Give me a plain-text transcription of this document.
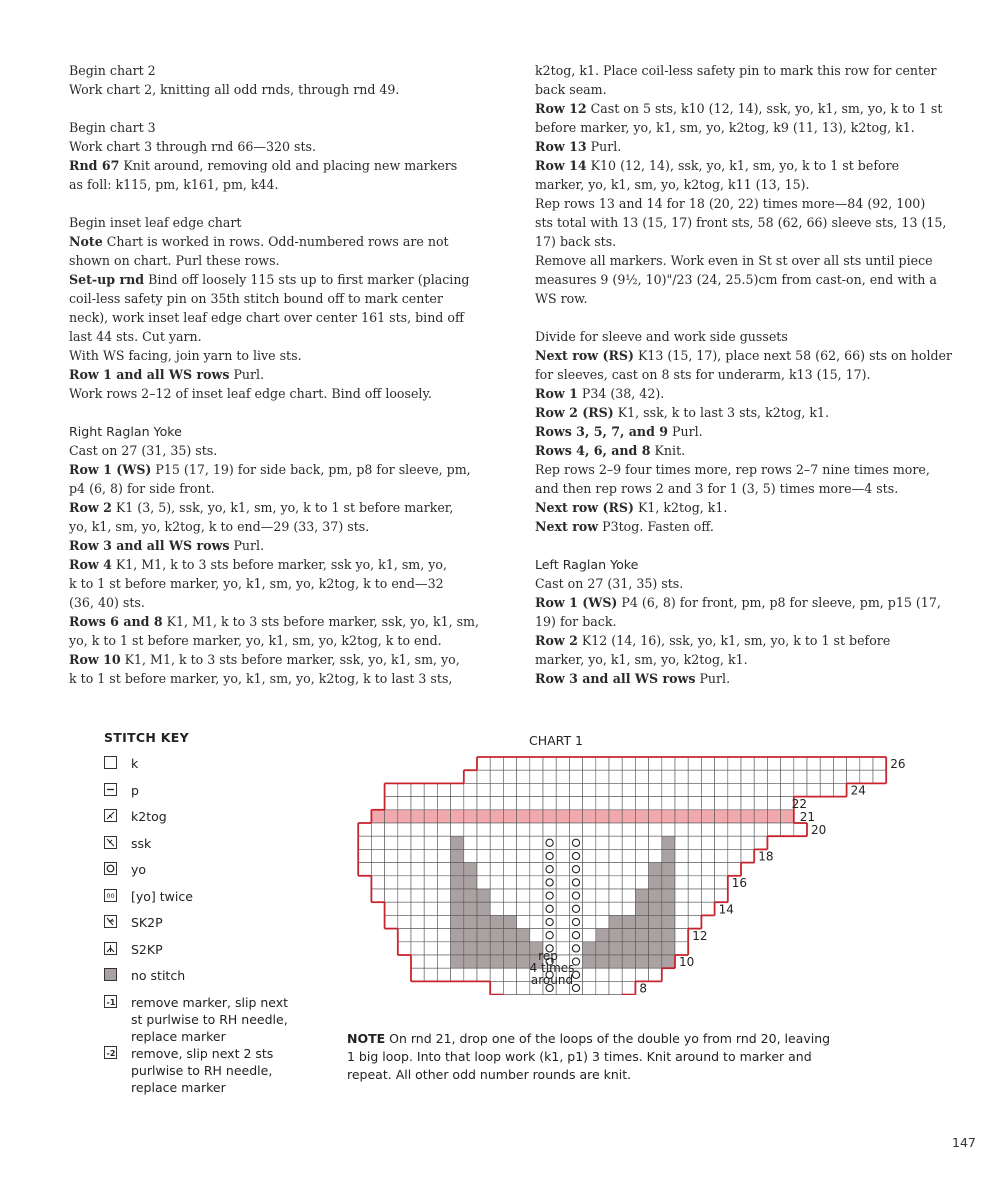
Begin chart 2
Work chart 2, knitting all odd rnds, through rnd 49.
Begin chart 3
Work chart 3 through rnd 66—320 sts.
Rnd 67 Knit around, removing old and placing new markers
as foll: k115, pm, k161, pm, k44.
Begin inset leaf edge chart
Note Chart is worked in rows. Odd-numbered rows are not
shown on chart. Purl these rows.
Set-up rnd Bind off loosely 115 sts up to first marker (placing
coil-less safety pin on 35th stitch bound off to mark center
neck), work inset leaf edge chart over center 161 sts, bind off
last 44 sts. Cut yarn.
With WS facing, join yarn to live sts.
Row 1 and all WS rows Purl.
Work rows 2–12 of inset leaf edge chart. Bind off loosely.
Right Raglan Yoke
Cast on 27 (31, 35) sts.
Row 1 (WS) P15 (17, 19) for side back, pm, p8 for sleeve, pm,
p4 (6, 8) for side front.
Row 2 K1 (3, 5), ssk, yo, k1, sm, yo, k to 1 st before marker,
yo, k1, sm, yo, k2tog, k to end—29 (33, 37) sts.
Row 3 and all WS rows Purl.
Row 4 K1, M1, k to 3 sts before marker, ssk yo, k1, sm, yo,
k to 1 st before marker, yo, k1, sm, yo, k2tog, k to end—32
(36, 40) sts.
Rows 6 and 8 K1, M1, k to 3 sts before marker, ssk, yo, k1, sm,
yo, k to 1 st before marker, yo, k1, sm, yo, k2tog, k to end.
Row 10 K1, M1, k to 3 sts before marker, ssk, yo, k1, sm, yo,
k to 1 st before marker, yo, k1, sm, yo, k2tog, k to last 3 sts,
k2tog, k1. Place coil-less safety pin to mark this row for center
back seam.
Row 12 Cast on 5 sts, k10 (12, 14), ssk, yo, k1, sm, yo, k to 1 st
before marker, yo, k1, sm, yo, k2tog, k9 (11, 13), k2tog, k1.
Row 13 Purl.
Row 14 K10 (12, 14), ssk, yo, k1, sm, yo, k to 1 st before
marker, yo, k1, sm, yo, k2tog, k11 (13, 15).
Rep rows 13 and 14 for 18 (20, 22) times more—84 (92, 100)
sts total with 13 (15, 17) front sts, 58 (62, 66) sleeve sts, 13 (15,
17) back sts.
Remove all markers. Work even in St st over all sts until piece
measures 9 (9½, 10)"/23 (24, 25.5)cm from cast-on, end with a
WS row.
Divide for sleeve and work side gussets
Next row (RS) K13 (15, 17), place next 58 (62, 66) sts on holder
for sleeves, cast on 8 sts for underarm, k13 (15, 17).
Row 1 P34 (38, 42).
Row 2 (RS) K1, ssk, k to last 3 sts, k2tog, k1.
Rows 3, 5, 7, and 9 Purl.
Rows 4, 6, and 8 Knit.
Rep rows 2–9 four times more, rep rows 2–7 nine times more,
and then rep rows 2 and 3 for 1 (3, 5) times more—4 sts.
Next row (RS) K1, k2tog, k1.
Next row P3tog. Fasten off.
Left Raglan Yoke
Cast on 27 (31, 35) sts.
Row 1 (WS) P4 (6, 8) for front, pm, p8 for sleeve, pm, p15 (17,
19) for back.
Row 2 K12 (14, 16), ssk, yo, k1, sm, yo, k to 1 st before
marker, yo, k1, sm, yo, k2tog, k1.
Row 3 and all WS rows Purl.
STITCH KEY
k
p
k2tog
ssk
yo
00 [yo] twice
SK2P
S2KP
no stitch
-1 remove marker, slip next
st purlwise to RH needle,
replace marker
-2 remove, slip next 2 sts
purlwise to RH needle,
replace marker
CHART 1
26
24
22
21
20
18
16
14
12
10
8
rep
4 times
around
NOTE On rnd 21, drop one of the loops of the double yo from rnd 20, leaving
1 big loop. Into that loop work (k1, p1) 3 times. Knit around to marker and
repeat. All other odd number rounds are knit.
147
